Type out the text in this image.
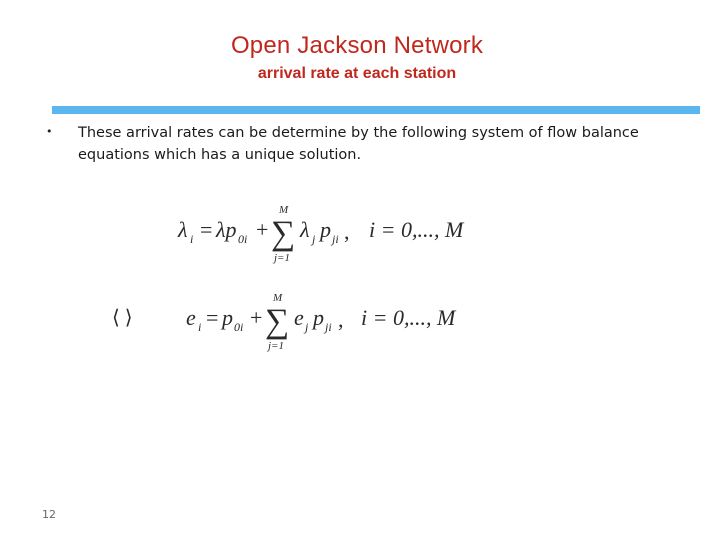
Open Jackson Network
arrival rate at each station
• These arrival rates can be determine by the following system of flow balance equations which has a unique solution.
λ i = λp 0i +
M
∑
j=1
λ j p ji , i = 0,..., M
⟨ ⟩ e i = p 0i +
M
∑
j=1
e j p ji , i = 0,..., M
12
